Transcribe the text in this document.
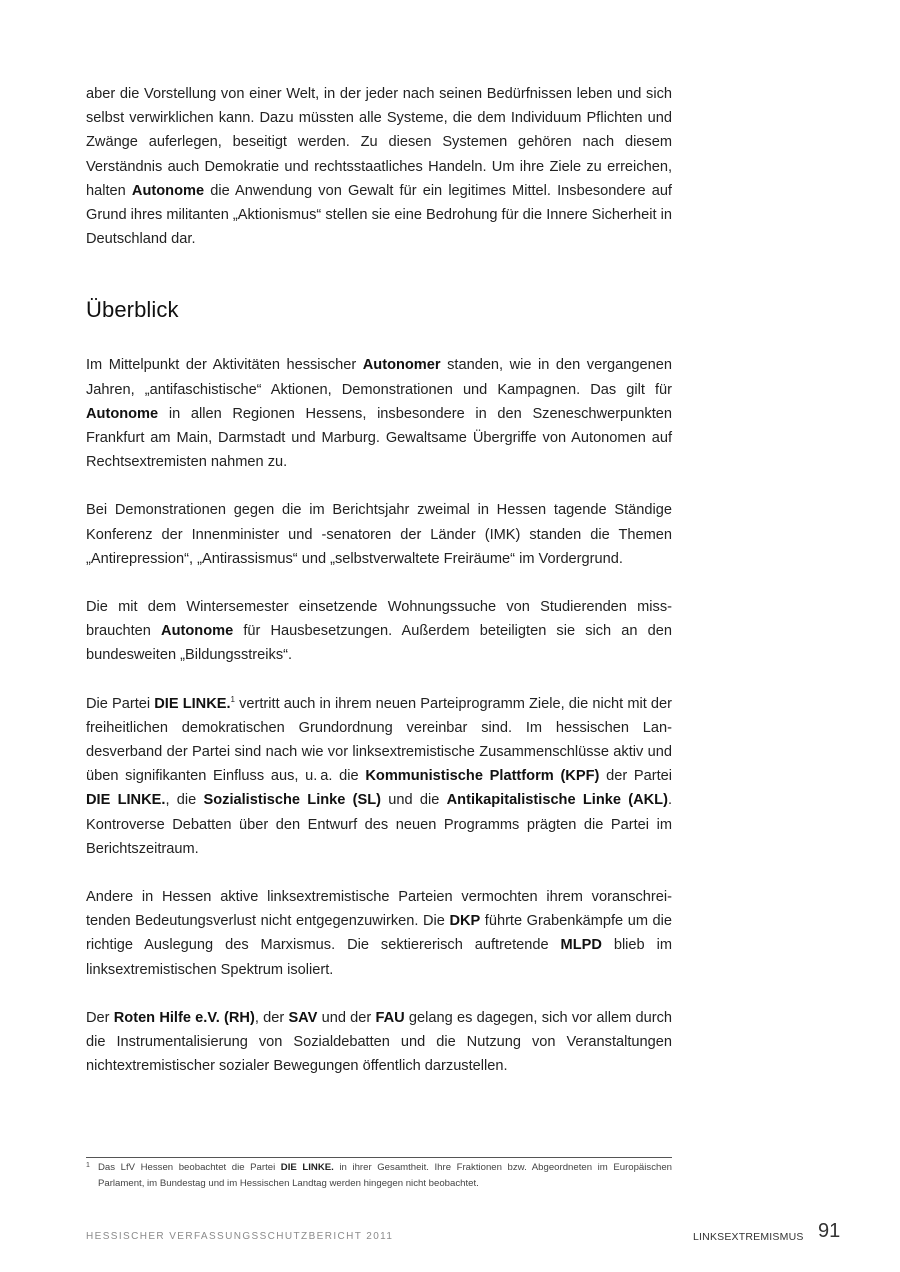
aber die Vorstellung von einer Welt, in der jeder nach seinen Bedürfnissen leben und sich selbst verwirklichen kann. Dazu müssten alle Systeme, die dem Individuum Pflichten und Zwänge auferlegen, beseitigt werden. Zu diesen Systemen gehören nach diesem Verständnis auch Demokratie und rechtsstaatliches Handeln. Um ihre Ziele zu erreichen, halten Autonome die Anwendung von Gewalt für ein legitimes Mittel. Insbesondere auf Grund ihres militanten „Aktionismus“ stellen sie eine Bedrohung für die Innere Sicherheit in Deutschland dar.

Überblick

Im Mittelpunkt der Aktivitäten hessischer Autonomer standen, wie in den vergangenen Jahren, „antifaschistische“ Aktionen, Demonstrationen und Kampagnen. Das gilt für Autonome in allen Regionen Hessens, insbesondere in den Szeneschwerpunkten Frankfurt am Main, Darmstadt und Marburg. Gewaltsame Übergriffe von Autonomen auf Rechtsextremisten nahmen zu.

Bei Demonstrationen gegen die im Berichtsjahr zweimal in Hessen tagende Ständige Konferenz der Innenminister und -senatoren der Länder (IMK) standen die Themen „Antirepression“, „Antirassismus“ und „selbstverwaltete Freiräume“ im Vordergrund.

Die mit dem Wintersemester einsetzende Wohnungssuche von Studierenden missbrauchten Autonome für Hausbesetzungen. Außerdem beteiligten sie sich an den bundesweiten „Bildungsstreiks“.

Die Partei DIE LINKE.$^1$ vertritt auch in ihrem neuen Parteiprogramm Ziele, die nicht mit der freiheitlichen demokratischen Grundordnung vereinbar sind. Im hessischen Landesverband der Partei sind nach wie vor linksextremistische Zusammenschlüsse aktiv und üben signifikanten Einfluss aus, u. a. die Kommunistische Plattform (KPF) der Partei DIE LINKE., die Sozialistische Linke (SL) und die Antikapitalistische Linke (AKL). Kontroverse Debatten über den Entwurf des neuen Programms prägten die Partei im Berichtszeitraum.

Andere in Hessen aktive linksextremistische Parteien vermochten ihrem voranschreitenden Bedeutungsverlust nicht entgegenzuwirken. Die DKP führte Grabenkämpfe um die richtige Auslegung des Marxismus. Die sektiererisch auftretende MLPD blieb im linksextremistischen Spektrum isoliert.

Der Roten Hilfe e.V. (RH), der SAV und der FAU gelang es dagegen, sich vor allem durch die Instrumentalisierung von Sozialdebatten und die Nutzung von Veranstaltungen nichtextremistischer sozialer Bewegungen öffentlich darzustellen.

1 Das LfV Hessen beobachtet die Partei DIE LINKE. in ihrer Gesamtheit. Ihre Fraktionen bzw. Abgeordneten im Europäischen Parlament, im Bundestag und im Hessischen Landtag werden hingegen nicht beobachtet.
HESSISCHER VERFASSUNGSSCHUTZBERICHT 2011	LINKSEXTREMISMUS 91
